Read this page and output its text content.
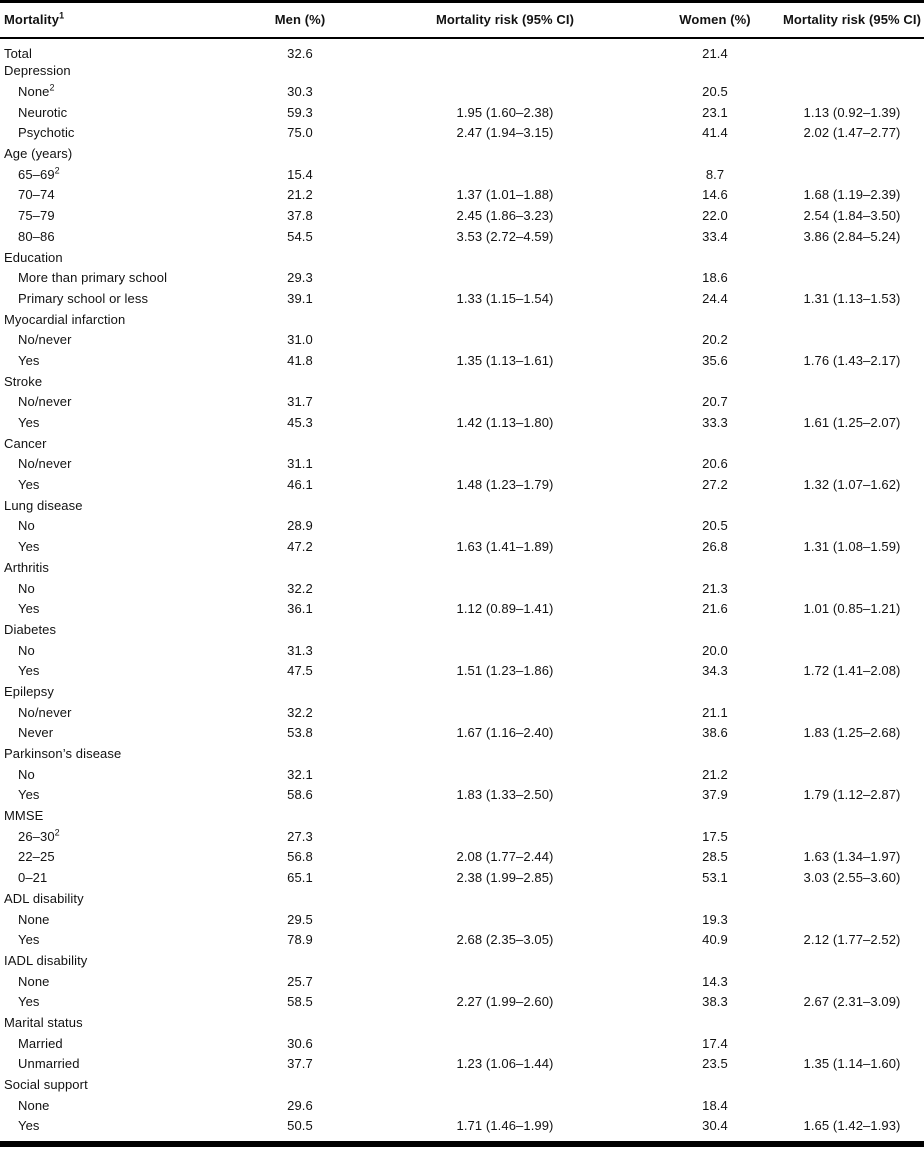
Mortality$^1$	Men (%)	Mortality risk (95% CI)	Women (%)	Mortality risk (95% CI)
Total	32.6		21.4	
Depression				
None$^2$	30.3		20.5	
Neurotic	59.3	1.95 (1.60–2.38)	23.1	1.13 (0.92–1.39)
Psychotic	75.0	2.47 (1.94–3.15)	41.4	2.02 (1.47–2.77)
Age (years)				
$65-69^2$	15.4		8.7	
70–74	21.2	1.37 (1.01–1.88)	14.6	1.68 (1.19–2.39)
75–79	37.8	2.45 (1.86–3.23)	22.0	2.54 (1.84–3.50)
80–86	54.5	3.53 (2.72–4.59)	33.4	3.86 (2.84–5.24)
Education				
More than primary school	29.3		18.6	
Primary school or less	39.1	1.33 (1.15–1.54)	24.4	1.31 (1.13–1.53)
Myocardial infarction				
No/never	31.0		20.2	
Yes	41.8	1.35 (1.13–1.61)	35.6	1.76 (1.43–2.17)
Stroke				
No/never	31.7		20.7	
Yes	45.3	1.42 (1.13–1.80)	33.3	1.61 (1.25–2.07)
Cancer				
No/never	31.1		20.6	
Yes	46.1	1.48 (1.23–1.79)	27.2	1.32 (1.07–1.62)
Lung disease				
No	28.9		20.5	
Yes	47.2	1.63 (1.41–1.89)	26.8	1.31 (1.08–1.59)
Arthritis				
No	32.2		21.3	
Yes	36.1	1.12 (0.89–1.41)	21.6	1.01 (0.85–1.21)
Diabetes				
No	31.3		20.0	
Yes	47.5	1.51 (1.23–1.86)	34.3	1.72 (1.41–2.08)
Epilepsy				
No/never	32.2		21.1	
Never	53.8	1.67 (1.16–2.40)	38.6	1.83 (1.25–2.68)
Parkinson’s disease				
No	32.1		21.2	
Yes	58.6	1.83 (1.33–2.50)	37.9	1.79 (1.12–2.87)
MMSE				
$26-30^2$	27.3		17.5	
22–25	56.8	2.08 (1.77–2.44)	28.5	1.63 (1.34–1.97)
0–21	65.1	2.38 (1.99–2.85)	53.1	3.03 (2.55–3.60)
ADL disability				
None	29.5		19.3	
Yes	78.9	2.68 (2.35–3.05)	40.9	2.12 (1.77–2.52)
IADL disability				
None	25.7		14.3	
Yes	58.5	2.27 (1.99–2.60)	38.3	2.67 (2.31–3.09)
Marital status				
Married	30.6		17.4	
Unmarried	37.7	1.23 (1.06–1.44)	23.5	1.35 (1.14–1.60)
Social support				
None	29.6		18.4	
Yes	50.5	1.71 (1.46–1.99)	30.4	1.65 (1.42–1.93)
